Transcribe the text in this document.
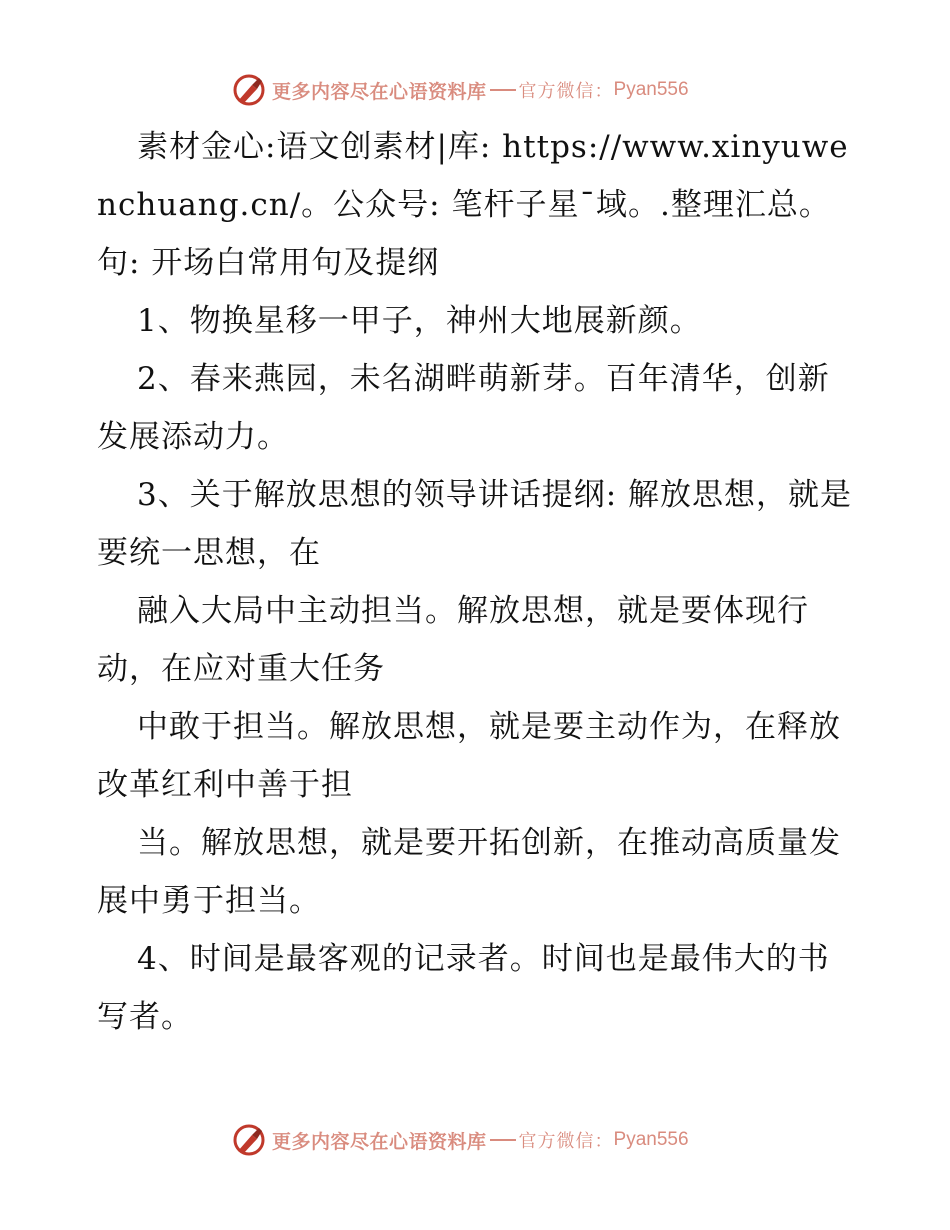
更多内容尽在心语资料库 官方微信： Pyan556

素材金心:语文创素材|库: https://www.xinyuwenchuang.cn/。公众号: 笔杆子星¯域。.整理汇总。句: 开场白常用句及提纲

1、物换星移一甲子，神州大地展新颜。

2、春来燕园，未名湖畔萌新芽。百年清华，创新发展添动力。

3、关于解放思想的领导讲话提纲: 解放思想，就是要统一思想，在

融入大局中主动担当。解放思想，就是要体现行动，在应对重大任务

中敢于担当。解放思想，就是要主动作为，在释放改革红利中善于担

当。解放思想，就是要开拓创新，在推动高质量发展中勇于担当。

4、时间是最客观的记录者。时间也是最伟大的书写者。

更多内容尽在心语资料库 官方微信： Pyan556
